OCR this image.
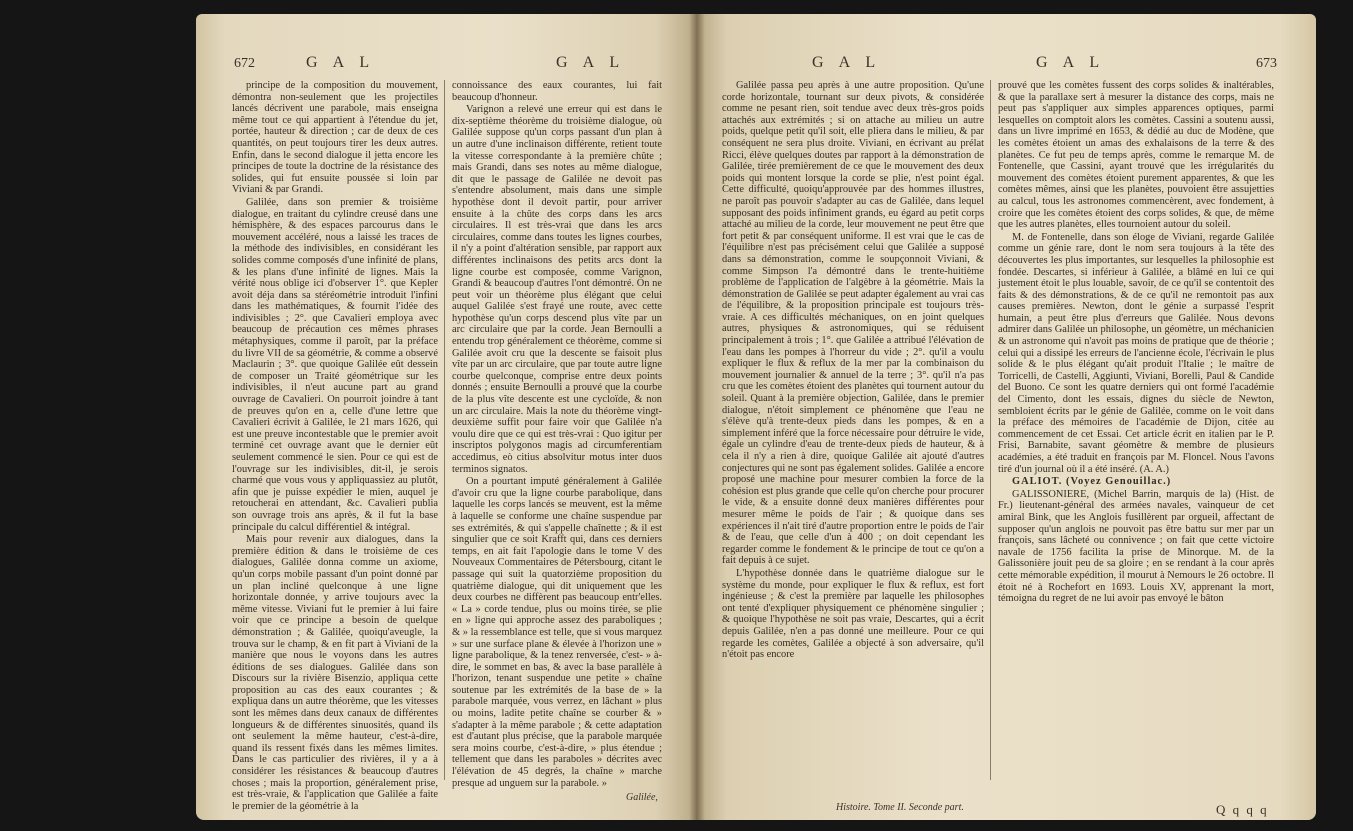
672	G A L	G A L

principe de la composition du mouvement, démontra non-seulement que les projectiles lancés décrivent une parabole, mais enseigna même tout ce qui appartient à l'étendue du jet, portée, hauteur & direction ; car de deux de ces quantités, on peut toujours tirer les deux autres. Enfin, dans le second dialogue il jetta encore les principes de toute la doctrine de la résistance des solides, qui fut ensuite poussée si loin par Viviani & par Grandi.

Galilée, dans son premier & troisième dialogue, en traitant du cylindre creusé dans une hémisphère, & des espaces parcourus dans le mouvement accéléré, nous a laissé les traces de la méthode des indivisibles, en considérant les solides comme composés d'une infinité de plans, & les plans d'une infinité de lignes. Mais la vérité nous oblige ici d'observer 1°. que Kepler avoit déja dans sa stéréométrie introduit l'infini dans les mathématiques, & fournit l'idée des indivisibles ; 2°. que Cavalieri employa avec beaucoup de précaution ces mêmes phrases métaphysiques, comme il paroît, par la préface du livre VII de sa géométrie, & comme a observé Maclaurin ; 3°. que quoique Galilée eût dessein de composer un Traité géométrique sur les indivisibles, il n'eut aucune part au grand ouvrage de Cavalieri. On pourroit joindre à tant de preuves qu'on en a, celle d'une lettre que Cavalieri écrivit à Galilée, le 21 mars 1626, qui est une preuve incontestable que le premier avoit terminé cet ouvrage avant que le dernier eût seulement commencé le sien. Pour ce qui est de l'ouvrage sur les indivisibles, dit-il, je serois charmé que vous vous y appliquassiez au plutôt, afin que je puisse expédier le mien, auquel je retoucherai en attendant, &c. Cavalieri publia son ouvrage trois ans après, & il fut la base principale du calcul différentiel & intégral.

Mais pour revenir aux dialogues, dans la première édition & dans le troisième de ces dialogues, Galilée donna comme un axiome, qu'un corps mobile passant d'un point donné par un plan incliné quelconque à une ligne horizontale donnée, y arrive toujours avec la même vitesse. Viviani fut le premier à lui faire voir que ce principe a besoin de quelque démonstration ; & Galilée, quoiqu'aveugle, la trouva sur le champ, & en fit part à Viviani de la manière que nous le voyons dans les autres éditions de ses dialogues. Galilée dans son Discours sur la rivière Bisenzio, appliqua cette proposition au cas des eaux courantes ; & expliqua dans un autre théorème, que les vitesses sont les mêmes dans deux canaux de différentes longueurs & de différentes sinuosités, quand ils ont seulement la même hauteur, c'est-à-dire, quand ils ressent fixés dans les mêmes limites. Dans le cas particulier des rivières, il y a à considérer les résistances & beaucoup d'autres choses ; mais la proportion, généralement prise, est très-vraie, & l'application que Galilée a faite le premier de la géométrie à la

connoissance des eaux courantes, lui fait beaucoup d'honneur.

Varignon a relevé une erreur qui est dans le dix-septième théorème du troisième dialogue, où Galilée suppose qu'un corps passant d'un plan à un autre d'une inclinaison différente, retient toute la vitesse correspondante à la première chûte ; mais Grandi, dans ses notes au même dialogue, dit que le passage de Galilée ne devoit pas s'entendre absolument, mais dans une simple hypothèse dont il devoit partir, pour arriver ensuite à la chûte des corps dans les arcs circulaires. Il est très-vrai que dans les arcs circulaires, comme dans toutes les lignes courbes, il n'y a point d'altération sensible, par rapport aux différentes inclinaisons des petits arcs dont la ligne courbe est composée, comme Varignon, Grandi & beaucoup d'autres l'ont démontré. On ne peut voir un théorème plus élégant que celui auquel Galilée s'est frayé une route, avec cette hypothèse qu'un corps descend plus vîte par un arc circulaire que par la corde. Jean Bernoulli a entendu trop généralement ce théorème, comme si Galilée avoit cru que la descente se faisoit plus vîte par un arc circulaire, que par toute autre ligne courbe quelconque, comprise entre deux points donnés ; ensuite Bernoulli a prouvé que la courbe de la plus vîte descente est une cycloïde, & non un arc circulaire. Mais la note du théorème vingt-deuxième suffit pour faire voir que Galilée n'a voulu dire que ce qui est très-vrai : Quo igitur per inscriptos polygonos magis ad circumferentiam accedimus, eò citius absolvitur motus inter duos terminos signatos.

On a pourtant imputé généralement à Galilée d'avoir cru que la ligne courbe parabolique, dans laquelle les corps lancés se meuvent, est la même à laquelle se conforme une chaîne suspendue par ses extrémités, & qui s'appelle chaînette ; & il est singulier que ce soit Krafft qui, dans ces derniers temps, en ait fait l'apologie dans le tome V des Nouveaux Commentaires de Pétersbourg, citant le passage qui suit la quatorzième proposition du quatrième dialogue, qui dit uniquement que les deux courbes ne diffèrent pas beaucoup entr'elles. « La » corde tendue, plus ou moins tirée, se plie en » ligne qui approche assez des paraboliques ; & » la ressemblance est telle, que si vous marquez » sur une surface plane & élevée à l'horizon une » ligne parabolique, & la tenez renversée, c'est- » à-dire, le sommet en bas, & avec la base parallèle à l'horizon, tenant suspendue une petite » chaîne soutenue par les extrémités de la base de » la parabole marquée, vous verrez, en lâchant » plus ou moins, ladite petite chaîne se courber & » s'adapter à la même parabole ; & cette adaptation est d'autant plus précise, que la parabole marquée sera moins courbe, c'est-à-dire, » plus étendue ; tellement que dans les paraboles » décrites avec l'élévation de 45 degrés, la chaîne » marche presque ad unguem sur la parabole. »

Galilée,
G A L	G A L	673

Galilée passa peu après à une autre proposition. Qu'une corde horizontale, tournant sur deux pivots, & considérée comme ne pesant rien, soit tendue avec deux très-gros poids attachés aux extrémités ; si on attache au milieu un autre poids, quelque petit qu'il soit, elle pliera dans le milieu, & par conséquent ne sera plus droite. Viviani, en écrivant au prélat Ricci, élève quelques doutes par rapport à la démonstration de Galilée, tirée premièrement de ce que le mouvement des deux poids qui montent lorsque la corde se plie, n'est point égal. Cette difficulté, quoiqu'approuvée par des hommes illustres, ne paroît pas pouvoir s'adapter au cas de Galilée, dans lequel supposant des poids infiniment grands, eu égard au petit corps attaché au milieu de la corde, leur mouvement ne peut être que fort petit & par conséquent uniforme. Il est vrai que le cas de l'équilibre n'est pas précisément celui que Galilée a supposé dans sa démonstration, comme le soupçonnoit Viviani, & comme Simpson l'a démontré dans le trente-huitième problème de l'application de l'algèbre à la géométrie. Mais la démonstration de Galilée se peut adapter également au vrai cas de l'équilibre, & la proposition principale est toujours très-vraie. A ces difficultés méchaniques, on en joint quelques autres, physiques & astronomiques, qui se réduisent principalement à trois ; 1°. que Galilée a attribué l'élévation de l'eau dans les pompes à l'horreur du vide ; 2°. qu'il a voulu expliquer le flux & reflux de la mer par la combinaison du mouvement journalier & annuel de la terre ; 3°. qu'il n'a pas cru que les comètes étoient des planètes qui tournent autour du soleil. Quant à la première objection, Galilée, dans le premier dialogue, n'étoit simplement ce phénomène que l'eau ne s'élève qu'à trente-deux pieds dans les pompes, & en a simplement inféré que la force nécessaire pour détruire le vide, égale un cylindre d'eau de trente-deux pieds de hauteur, & à cela il n'y a rien à dire, quoique Galilée ait ajouté d'autres conjectures qui ne sont pas également solides. Galilée a encore proposé une machine pour mesurer combien la force de la cohésion est plus grande que celle qu'on cherche pour procurer le vide, & a ensuite donné deux manières différentes pour mesurer même le poids de l'air ; & quoique dans ses expériences il n'ait tiré d'autre proportion entre le poids de l'air & de l'eau, que celle d'un à 400 ; on doit cependant les regarder comme le fondement & le principe de tout ce qu'on a fait depuis à ce sujet.

L'hypothèse donnée dans le quatrième dialogue sur le système du monde, pour expliquer le flux & reflux, est fort ingénieuse ; & c'est la première par laquelle les philosophes ont tenté d'expliquer physiquement ce phénomène singulier ; & quoique l'hypothèse ne soit pas vraie, Descartes, qui a écrit depuis Galilée, n'en a pas donné une meilleure. Pour ce qui regarde les comètes, Galilée a objecté à son adversaire, qu'il n'étoit pas encore

prouvé que les comètes fussent des corps solides & inaltérables, & que la parallaxe sert à mesurer la distance des corps, mais ne peut pas s'appliquer aux simples apparences optiques, parmi lesquelles on comptoit alors les comètes. Cassini a soutenu aussi, dans un livre imprimé en 1653, & dédié au duc de Modène, que les comètes étoient un amas des exhalaisons de la terre & des planètes. Ce fut peu de temps après, comme le remarque M. de Fontenelle, que Cassini, ayant trouvé que les irrégularités du mouvement des comètes étoient purement apparentes, & que les comètes mêmes, ainsi que les planètes, pouvoient être assujetties au calcul, tous les astronomes commencèrent, avec fondement, à croire que les comètes étoient des corps solides, & que, de même que les autres planètes, elles tournoient autour du soleil.

M. de Fontenelle, dans son éloge de Viviani, regarde Galilée comme un génie rare, dont le nom sera toujours à la tête des découvertes les plus importantes, sur lesquelles la philosophie est fondée. Descartes, si inférieur à Galilée, a blâmé en lui ce qui justement étoit le plus louable, savoir, de ce qu'il se contentoit des faits & des démonstrations, & de ce qu'il ne remontoit pas aux causes premières. Newton, dont le génie a surpassé l'esprit humain, a peut être plus d'erreurs que Galilée. Nous devons admirer dans Galilée un philosophe, un géomètre, un méchanicien & un astronome qui n'avoit pas moins de pratique que de théorie ; celui qui a dissipé les erreurs de l'ancienne école, l'écrivain le plus solide & le plus élégant qu'ait produit l'Italie ; le maître de Torricelli, de Castelli, Aggiunti, Viviani, Borelli, Paul & Candide del Buono. Ce sont les quatre derniers qui ont formé l'académie del Cimento, dont les essais, dignes du siècle de Newton, sembloient écrits par le génie de Galilée, comme on le voit dans la préface des mémoires de l'académie de Dijon, citée au commencement de cet Essai. Cet article écrit en italien par le P. Frisi, Barnabite, savant géomètre & membre de plusieurs académies, a été traduit en françois par M. Floncel. Nous l'avons tiré d'un journal où il a été inséré. (A. A.)

GALIOT. (Voyez Genouillac.)

GALISSONIERE, (Michel Barrin, marquis de la) (Hist. de Fr.) lieutenant-général des armées navales, vainqueur de cet amiral Bink, que les Anglois fusillèrent par orgueil, affectant de supposer qu'un anglois ne pouvoit pas être battu sur mer par un françois, sans lâcheté ou connivence ; on fait que cette victoire navale de 1756 facilita la prise de Minorque. M. de la Galissonière jouit peu de sa gloire ; en se rendant à la cour après cette mémorable expédition, il mourut à Nemours le 26 octobre. Il étoit né à Rochefort en 1693. Louis XV, apprenant la mort, témoigna du regret de ne lui avoir pas envoyé le bâton

Histoire. Tome II. Seconde part.	Q q q q
